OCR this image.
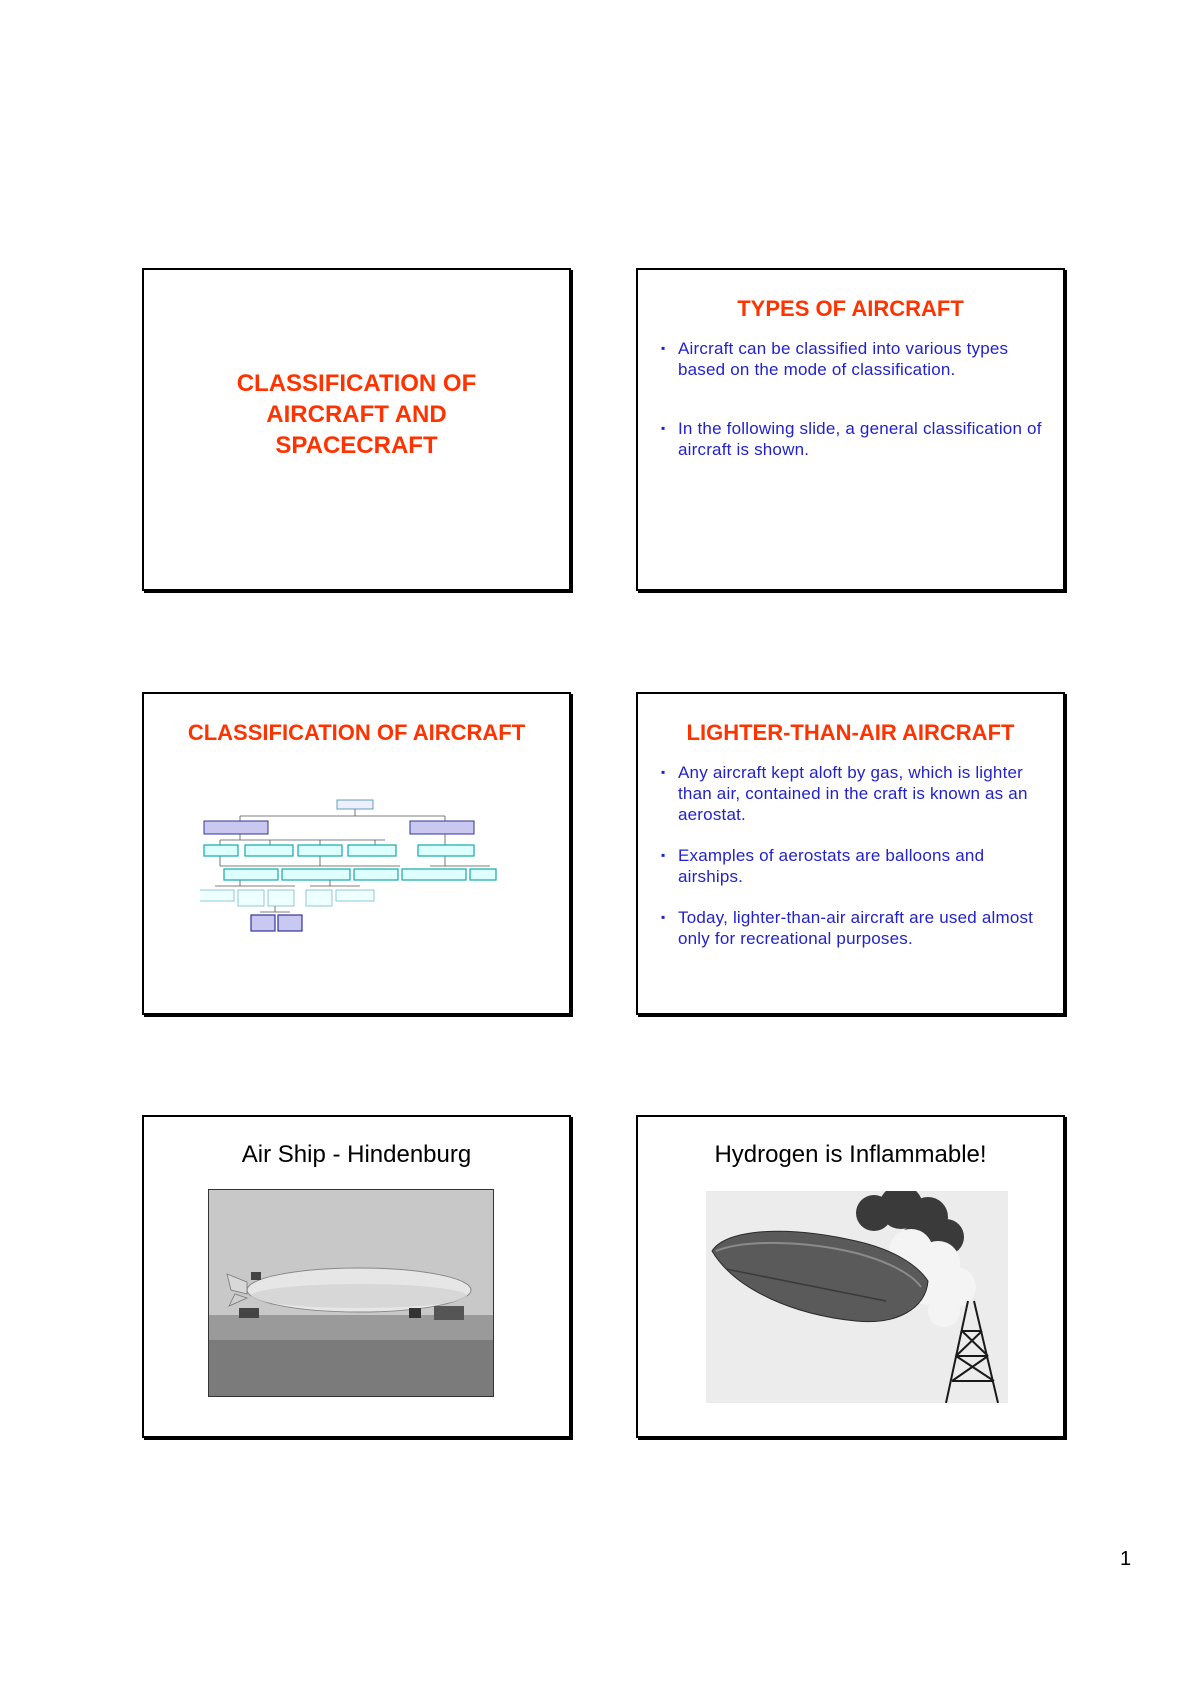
CLASSIFICATION OF AIRCRAFT AND SPACECRAFT
TYPES OF AIRCRAFT
▪ Aircraft can be classified into various types based on the mode of classification.
▪ In the following slide, a general classification of aircraft is shown.
CLASSIFICATION OF AIRCRAFT	LIGHTER-THAN-AIR AIRCRAFT
▪ Any aircraft kept aloft by gas, which is lighter than air, contained in the craft is known as an aerostat.
▪ Examples of aerostats are balloons and airships.
▪ Today, lighter-than-air aircraft are used almost only for recreational purposes.
Air Ship - Hindenburg	Hydrogen is Inflammable!
1
